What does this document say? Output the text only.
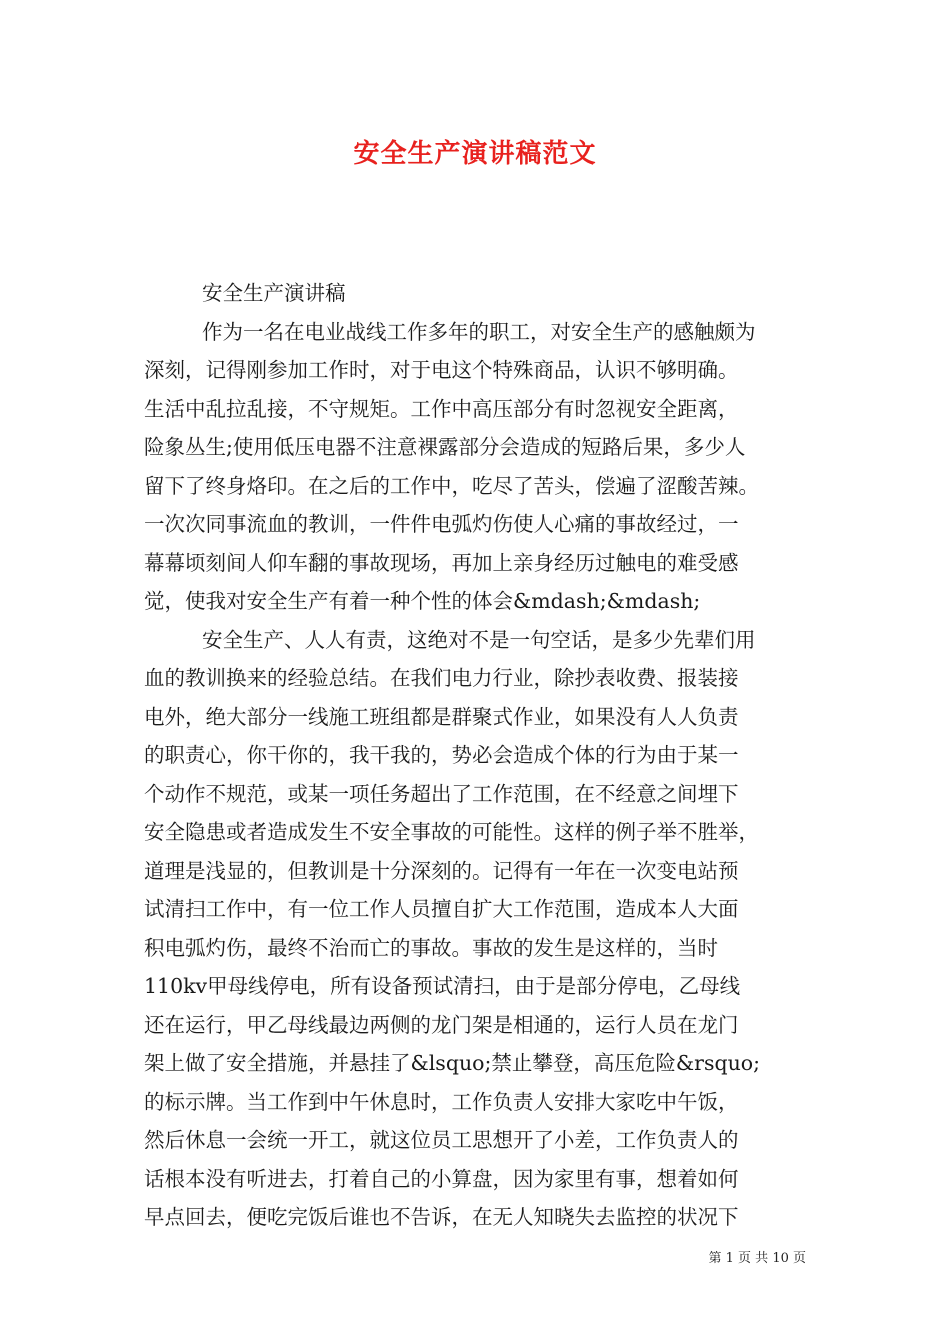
安全生产演讲稿范文
安全生产演讲稿
作为一名在电业战线工作多年的职工，对安全生产的感触颇为
深刻，记得刚参加工作时，对于电这个特殊商品，认识不够明确。
生活中乱拉乱接，不守规矩。工作中高压部分有时忽视安全距离，
险象丛生;使用低压电器不注意裸露部分会造成的短路后果，多少人
留下了终身烙印。在之后的工作中，吃尽了苦头，偿遍了涩酸苦辣。
一次次同事流血的教训，一件件电弧灼伤使人心痛的事故经过，一
幕幕顷刻间人仰车翻的事故现场，再加上亲身经历过触电的难受感
觉，使我对安全生产有着一种个性的体会&mdash;&mdash;
安全生产、人人有责，这绝对不是一句空话，是多少先辈们用
血的教训换来的经验总结。在我们电力行业，除抄表收费、报装接
电外，绝大部分一线施工班组都是群聚式作业，如果没有人人负责
的职责心，你干你的，我干我的，势必会造成个体的行为由于某一
个动作不规范，或某一项任务超出了工作范围，在不经意之间埋下
安全隐患或者造成发生不安全事故的可能性。这样的例子举不胜举，
道理是浅显的，但教训是十分深刻的。记得有一年在一次变电站预
试清扫工作中，有一位工作人员擅自扩大工作范围，造成本人大面
积电弧灼伤，最终不治而亡的事故。事故的发生是这样的，当时
110kv甲母线停电，所有设备预试清扫，由于是部分停电，乙母线
还在运行，甲乙母线最边两侧的龙门架是相通的，运行人员在龙门
架上做了安全措施，并悬挂了&lsquo;禁止攀登，高压危险&rsquo;
的标示牌。当工作到中午休息时，工作负责人安排大家吃中午饭，
然后休息一会统一开工，就这位员工思想开了小差，工作负责人的
话根本没有听进去，打着自己的小算盘，因为家里有事，想着如何
早点回去，便吃完饭后谁也不告诉，在无人知晓失去监控的状况下
第 1 页 共 10 页
